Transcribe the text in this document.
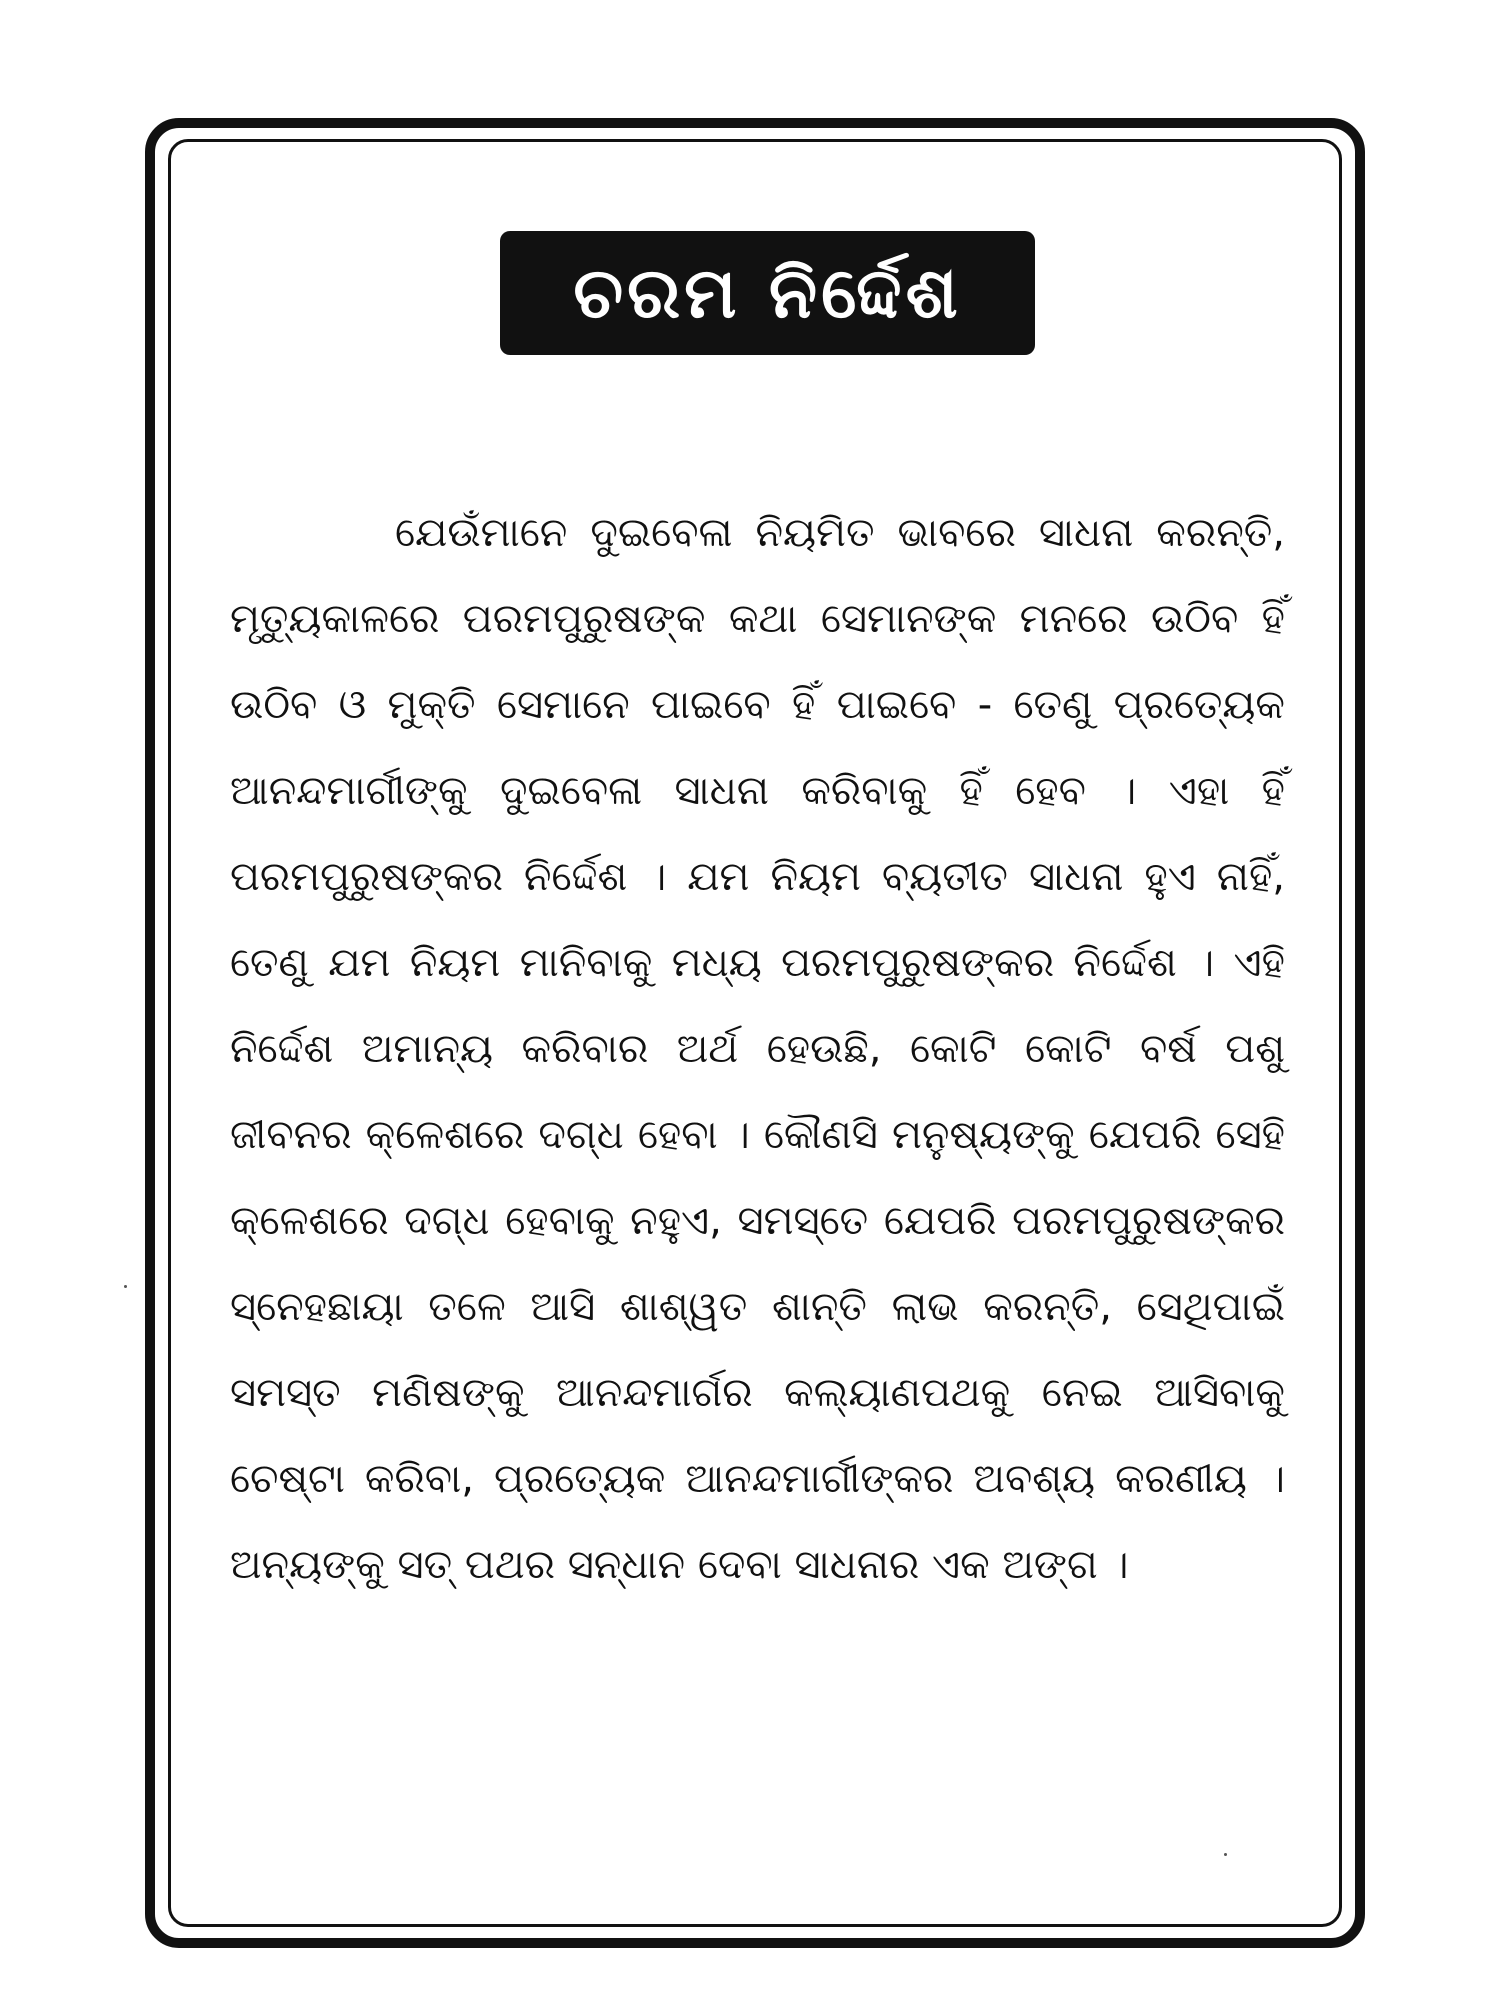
ଚରମ ନିର୍ଦ୍ଦେଶ

ଯେଉଁମାନେ ଦୁଇବେଳା ନିୟମିତ ଭାବରେ ସାଧନା କରନ୍ତି, ମୃତ୍ୟୁକାଳରେ ପରମପୁରୁଷଙ୍କ କଥା ସେମାନଙ୍କ ମନରେ ଉଠିବ ହିଁ ଉଠିବ ଓ ମୁକ୍ତି ସେମାନେ ପାଇବେ ହିଁ ପାଇବେ - ତେଣୁ ପ୍ରତ୍ୟେକ ଆନନ୍ଦମାର୍ଗୀଙ୍କୁ ଦୁଇବେଳା ସାଧନା କରିବାକୁ ହିଁ ହେବ । ଏହା ହିଁ ପରମପୁରୁଷଙ୍କର ନିର୍ଦ୍ଦେଶ । ଯମ ନିୟମ ବ୍ୟତୀତ ସାଧନା ହୁଏ ନାହିଁ, ତେଣୁ ଯମ ନିୟମ ମାନିବାକୁ ମଧ୍ୟ ପରମପୁରୁଷଙ୍କର ନିର୍ଦ୍ଦେଶ । ଏହି ନିର୍ଦ୍ଦେଶ ଅମାନ୍ୟ କରିବାର ଅର୍ଥ ହେଉଛି, କୋଟି କୋଟି ବର୍ଷ ପଶୁ ଜୀବନର କ୍ଳେଶରେ ଦଗ୍ଧ ହେବା । କୌଣସି ମନୁଷ୍ୟଙ୍କୁ ଯେପରି ସେହି କ୍ଳେଶରେ ଦଗ୍ଧ ହେବାକୁ ନହୁଏ, ସମସ୍ତେ ଯେପରି ପରମପୁରୁଷଙ୍କର ସ୍ନେହଛାୟା ତଳେ ଆସି ଶାଶ୍ୱତ ଶାନ୍ତି ଲାଭ କରନ୍ତି, ସେଥିପାଇଁ ସମସ୍ତ ମଣିଷଙ୍କୁ ଆନନ୍ଦମାର୍ଗର କଲ୍ୟାଣପଥକୁ ନେଇ ଆସିବାକୁ ଚେଷ୍ଟା କରିବା, ପ୍ରତ୍ୟେକ ଆନନ୍ଦମାର୍ଗୀଙ୍କର ଅବଶ୍ୟ କରଣୀୟ । ଅନ୍ୟଙ୍କୁ ସତ୍ ପଥର ସନ୍ଧାନ ଦେବା ସାଧନାର ଏକ ଅଙ୍ଗ ।
